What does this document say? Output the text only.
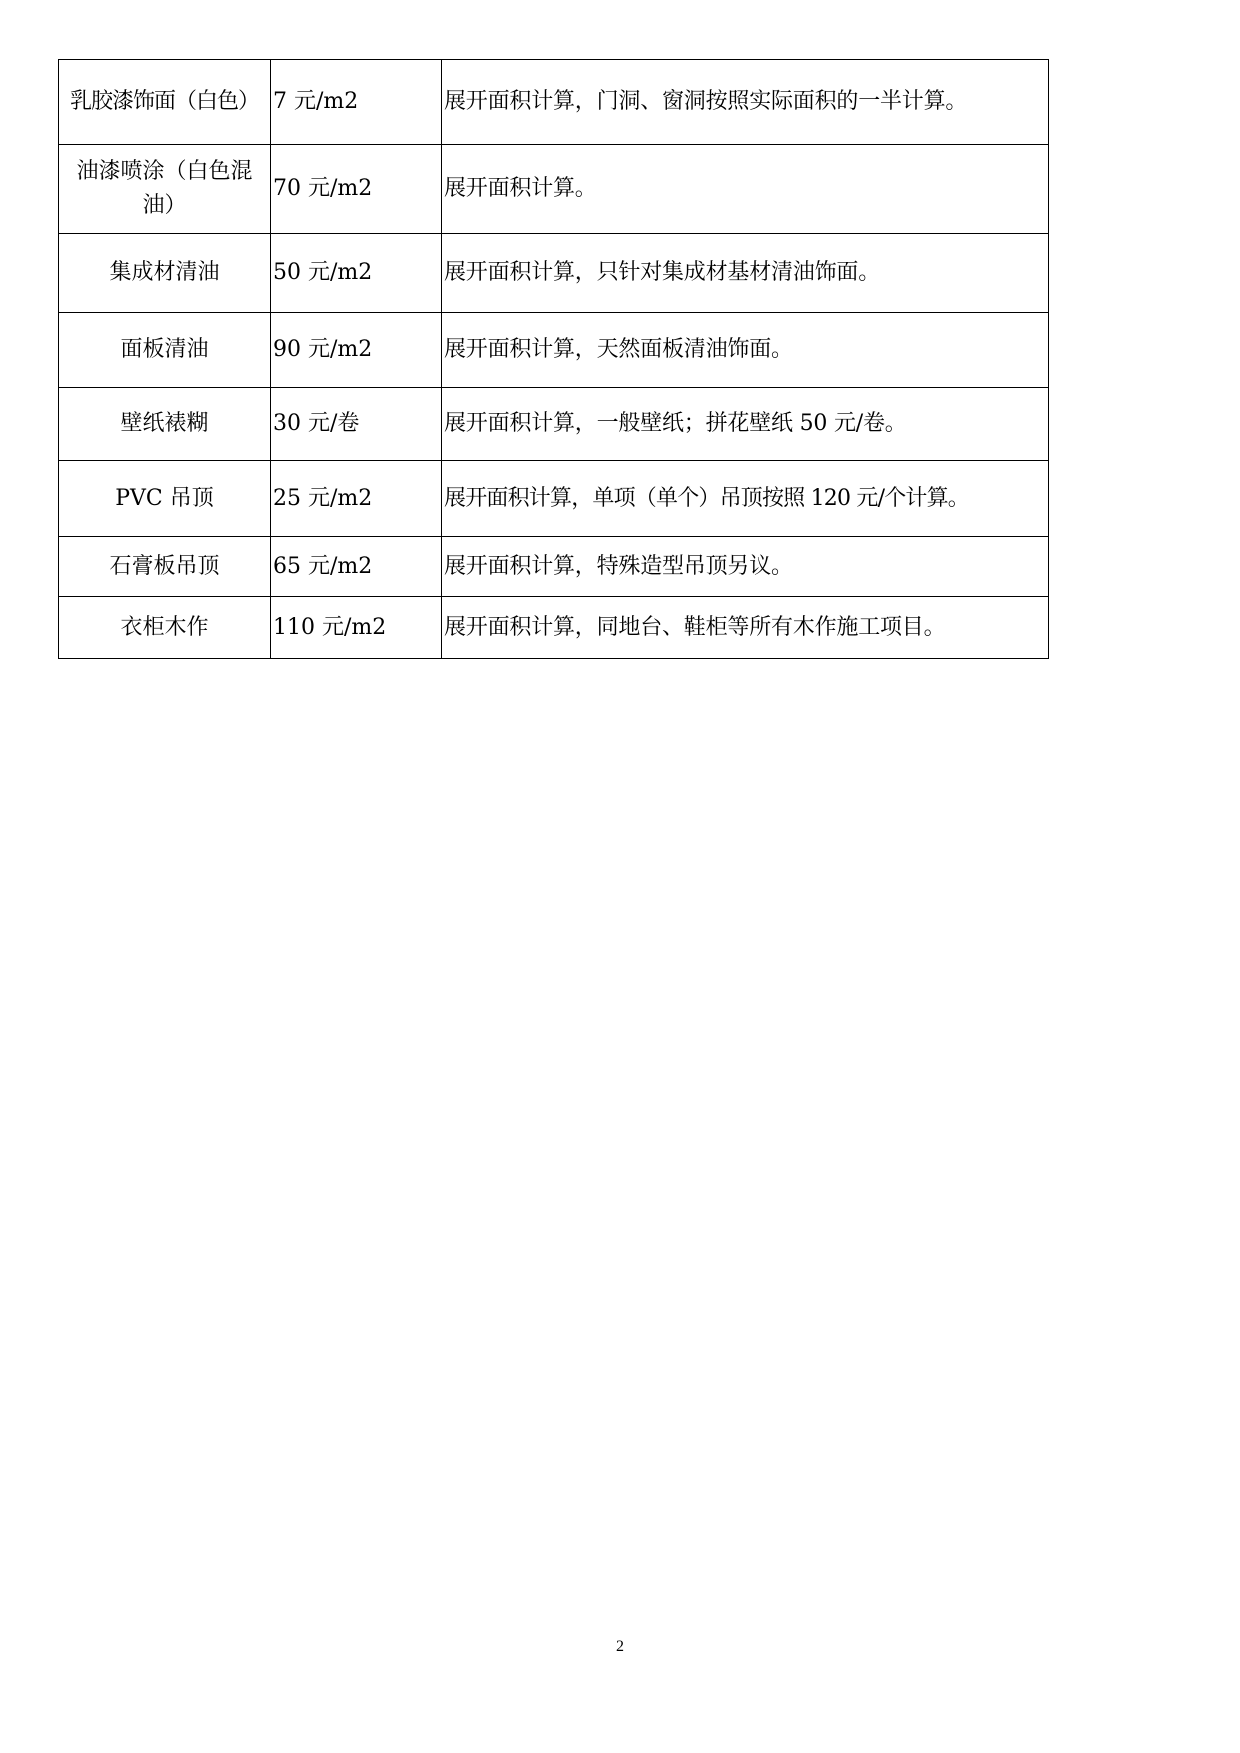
乳胶漆饰面（白色）	7 元/m2	展开面积计算，门洞、窗洞按照实际面积的一半计算。
油漆喷涂（白色混油）	70 元/m2	展开面积计算。
集成材清油	50 元/m2	展开面积计算，只针对集成材基材清油饰面。
面板清油	90 元/m2	展开面积计算，天然面板清油饰面。
壁纸裱糊	30 元/卷	展开面积计算，一般壁纸；拼花壁纸 50 元/卷。
PVC 吊顶	25 元/m2	展开面积计算，单项（单个）吊顶按照 120 元/个计算。
石膏板吊顶	65 元/m2	展开面积计算，特殊造型吊顶另议。
衣柜木作	110 元/m2	展开面积计算，同地台、鞋柜等所有木作施工项目。
2
